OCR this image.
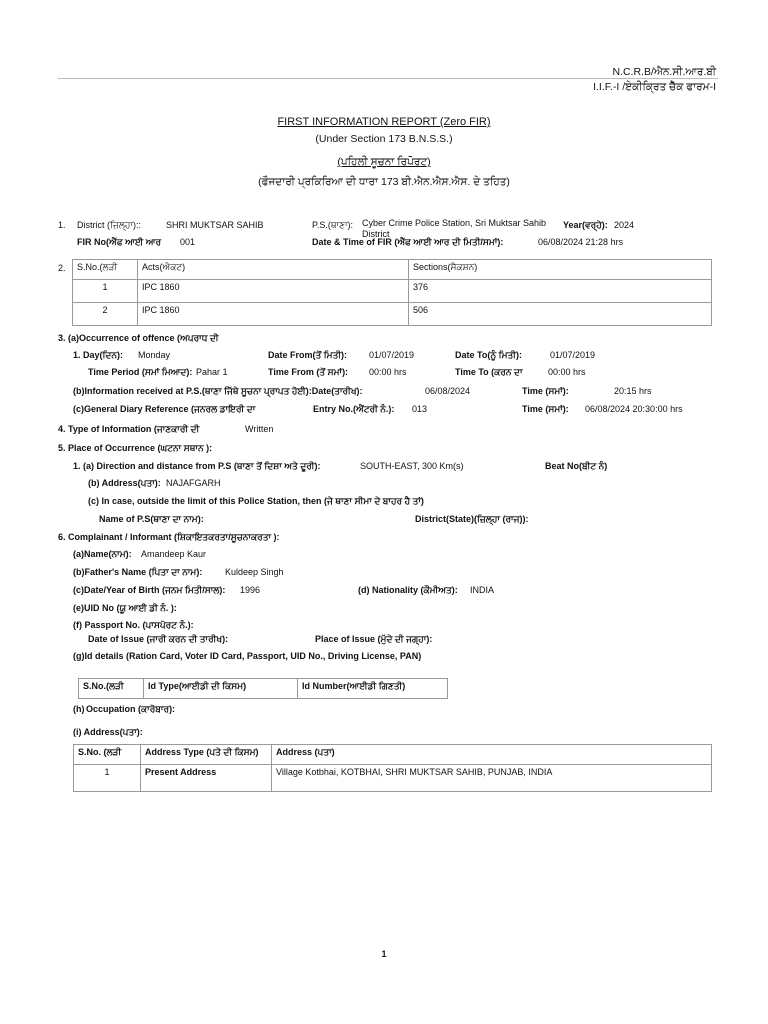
N.C.R.B/ਐਨ.ਸੀ.ਆਰ.ਬੀ
I.I.F.-I /ਏਕੀਕ੍ਰਿਤ ਚੈੱਕ ਫਾਰਮ-I
FIRST INFORMATION REPORT (Zero FIR)
(Under Section 173 B.N.S.S.)
(ਪਹਿਲੀ ਸੂਚਨਾ ਰਿਪੋਰਟ)
(ਫੌਜਦਾਰੀ ਪ੍ਰਕਿਰਿਆ ਦੀ ਧਾਰਾ 173 ਬੀ.ਐਨ.ਐਸ.ਐਸ. ਦੇ ਤਹਿਤ)
1. District (ਜ਼ਿਲ੍ਹਾ)::	SHRI MUKTSAR SAHIB	P.S.(ਥਾਣਾ): Cyber Crime Police Station, Sri Muktsar Sahib
District
Year(ਵਰ੍ਹੇ): 2024
FIR No(ਐੱਫ ਆਈ ਆਰ 001	Date & Time of FIR (ਐੱਫ ਆਈ ਆਰ ਦੀ ਮਿਤੀ/ਸਮਾਂ):	06/08/2024 21:28 hrs
2. S.No.(ਲੜੀ	Acts(ਐਕਟ)	Sections(ਸੈਕਸ਼ਨ)
1	IPC 1860	376
2	IPC 1860	506
3. (a)Occurrence of offence (ਅਪਰਾਧ ਦੀ
1. Day(ਦਿਨ): Monday	Date From(ਤੋਂ ਮਿਤੀ): 01/07/2019	Date To(ਨੂੰ ਮਿਤੀ):	01/07/2019
Time Period (ਸਮਾਂ ਮਿਆਦ): Pahar 1	Time From (ਤੋਂ ਸਮਾਂ): 00:00 hrs	Time To (ਕਰਨ ਦਾ	00:00 hrs
(b)Information received at P.S.(ਥਾਣਾ ਜਿੱਥੇ ਸੂਚਨਾ ਪ੍ਰਾਪਤ ਹੋਈ):Date(ਤਾਰੀਖ):	06/08/2024	Time (ਸਮਾਂ):	20:15 hrs
(c)General Diary Reference (ਜਨਰਲ ਡਾਇਰੀ ਦਾ	Entry No.(ਐਂਟਰੀ ਨੰ.): 013	Time (ਸਮਾਂ): 06/08/2024 20:30:00 hrs
4. Type of Information (ਜਾਣਕਾਰੀ ਦੀ	Written
5. Place of Occurrence (ਘਟਨਾ ਸਥਾਨ ):
1. (a) Direction and distance from P.S (ਥਾਣਾ ਤੋਂ ਦਿਸ਼ਾ ਅਤੇ ਦੂਰੀ):	SOUTH-EAST, 300 Km(s)	Beat No(ਬੀਟ ਨੰ)
(b) Address(ਪਤਾ): NAJAFGARH
(c) In case, outside the limit of this Police Station, then (ਜੇ ਥਾਣਾ ਸੀਮਾ ਦੇ ਬਾਹਰ ਹੈ ਤਾਂ)
Name of P.S(ਥਾਣਾ ਦਾ ਨਾਮ):	District(State)(ਜ਼ਿਲ੍ਹਾ (ਰਾਜ)):
6. Complainant / Informant (ਸ਼ਿਕਾਇਤਕਰਤਾ/ਸੂਚਨਾਕਰਤਾ ):
(a)Name(ਨਾਮ): Amandeep Kaur
(b)Father's Name (ਪਿਤਾ ਦਾ ਨਾਮ):	Kuldeep Singh
(c)Date/Year of Birth (ਜਨਮ ਮਿਤੀ/ਸਾਲ): 1996	(d) Nationality (ਕੌਮੀਅਤ): INDIA
(e)UID No (ਯੂ ਆਈ ਡੀ ਨੰ. ):
(f) Passport No. (ਪਾਸਪੋਰਟ ਨੰ.):
Date of Issue (ਜਾਰੀ ਕਰਨ ਦੀ ਤਾਰੀਖ):	Place of Issue (ਮੁੱਦੇ ਦੀ ਜਗ੍ਹਾ):
(g)Id details (Ration Card, Voter ID Card, Passport, UID No., Driving License, PAN)
S.No.(ਲੜੀ	Id Type(ਆਈਡੀ ਦੀ ਕਿਸਮ)	Id Number(ਆਈਡੀ ਗਿਣਤੀ)
(h) Occupation (ਕਾਰੋਬਾਰ):
(i) Address(ਪਤਾ):
S.No. (ਲੜੀ	Address Type (ਪਤੇ ਦੀ ਕਿਸਮ)	Address (ਪਤਾ)
1	Present Address	Village Kotbhai, KOTBHAI, SHRI MUKTSAR SAHIB, PUNJAB, INDIA
1
